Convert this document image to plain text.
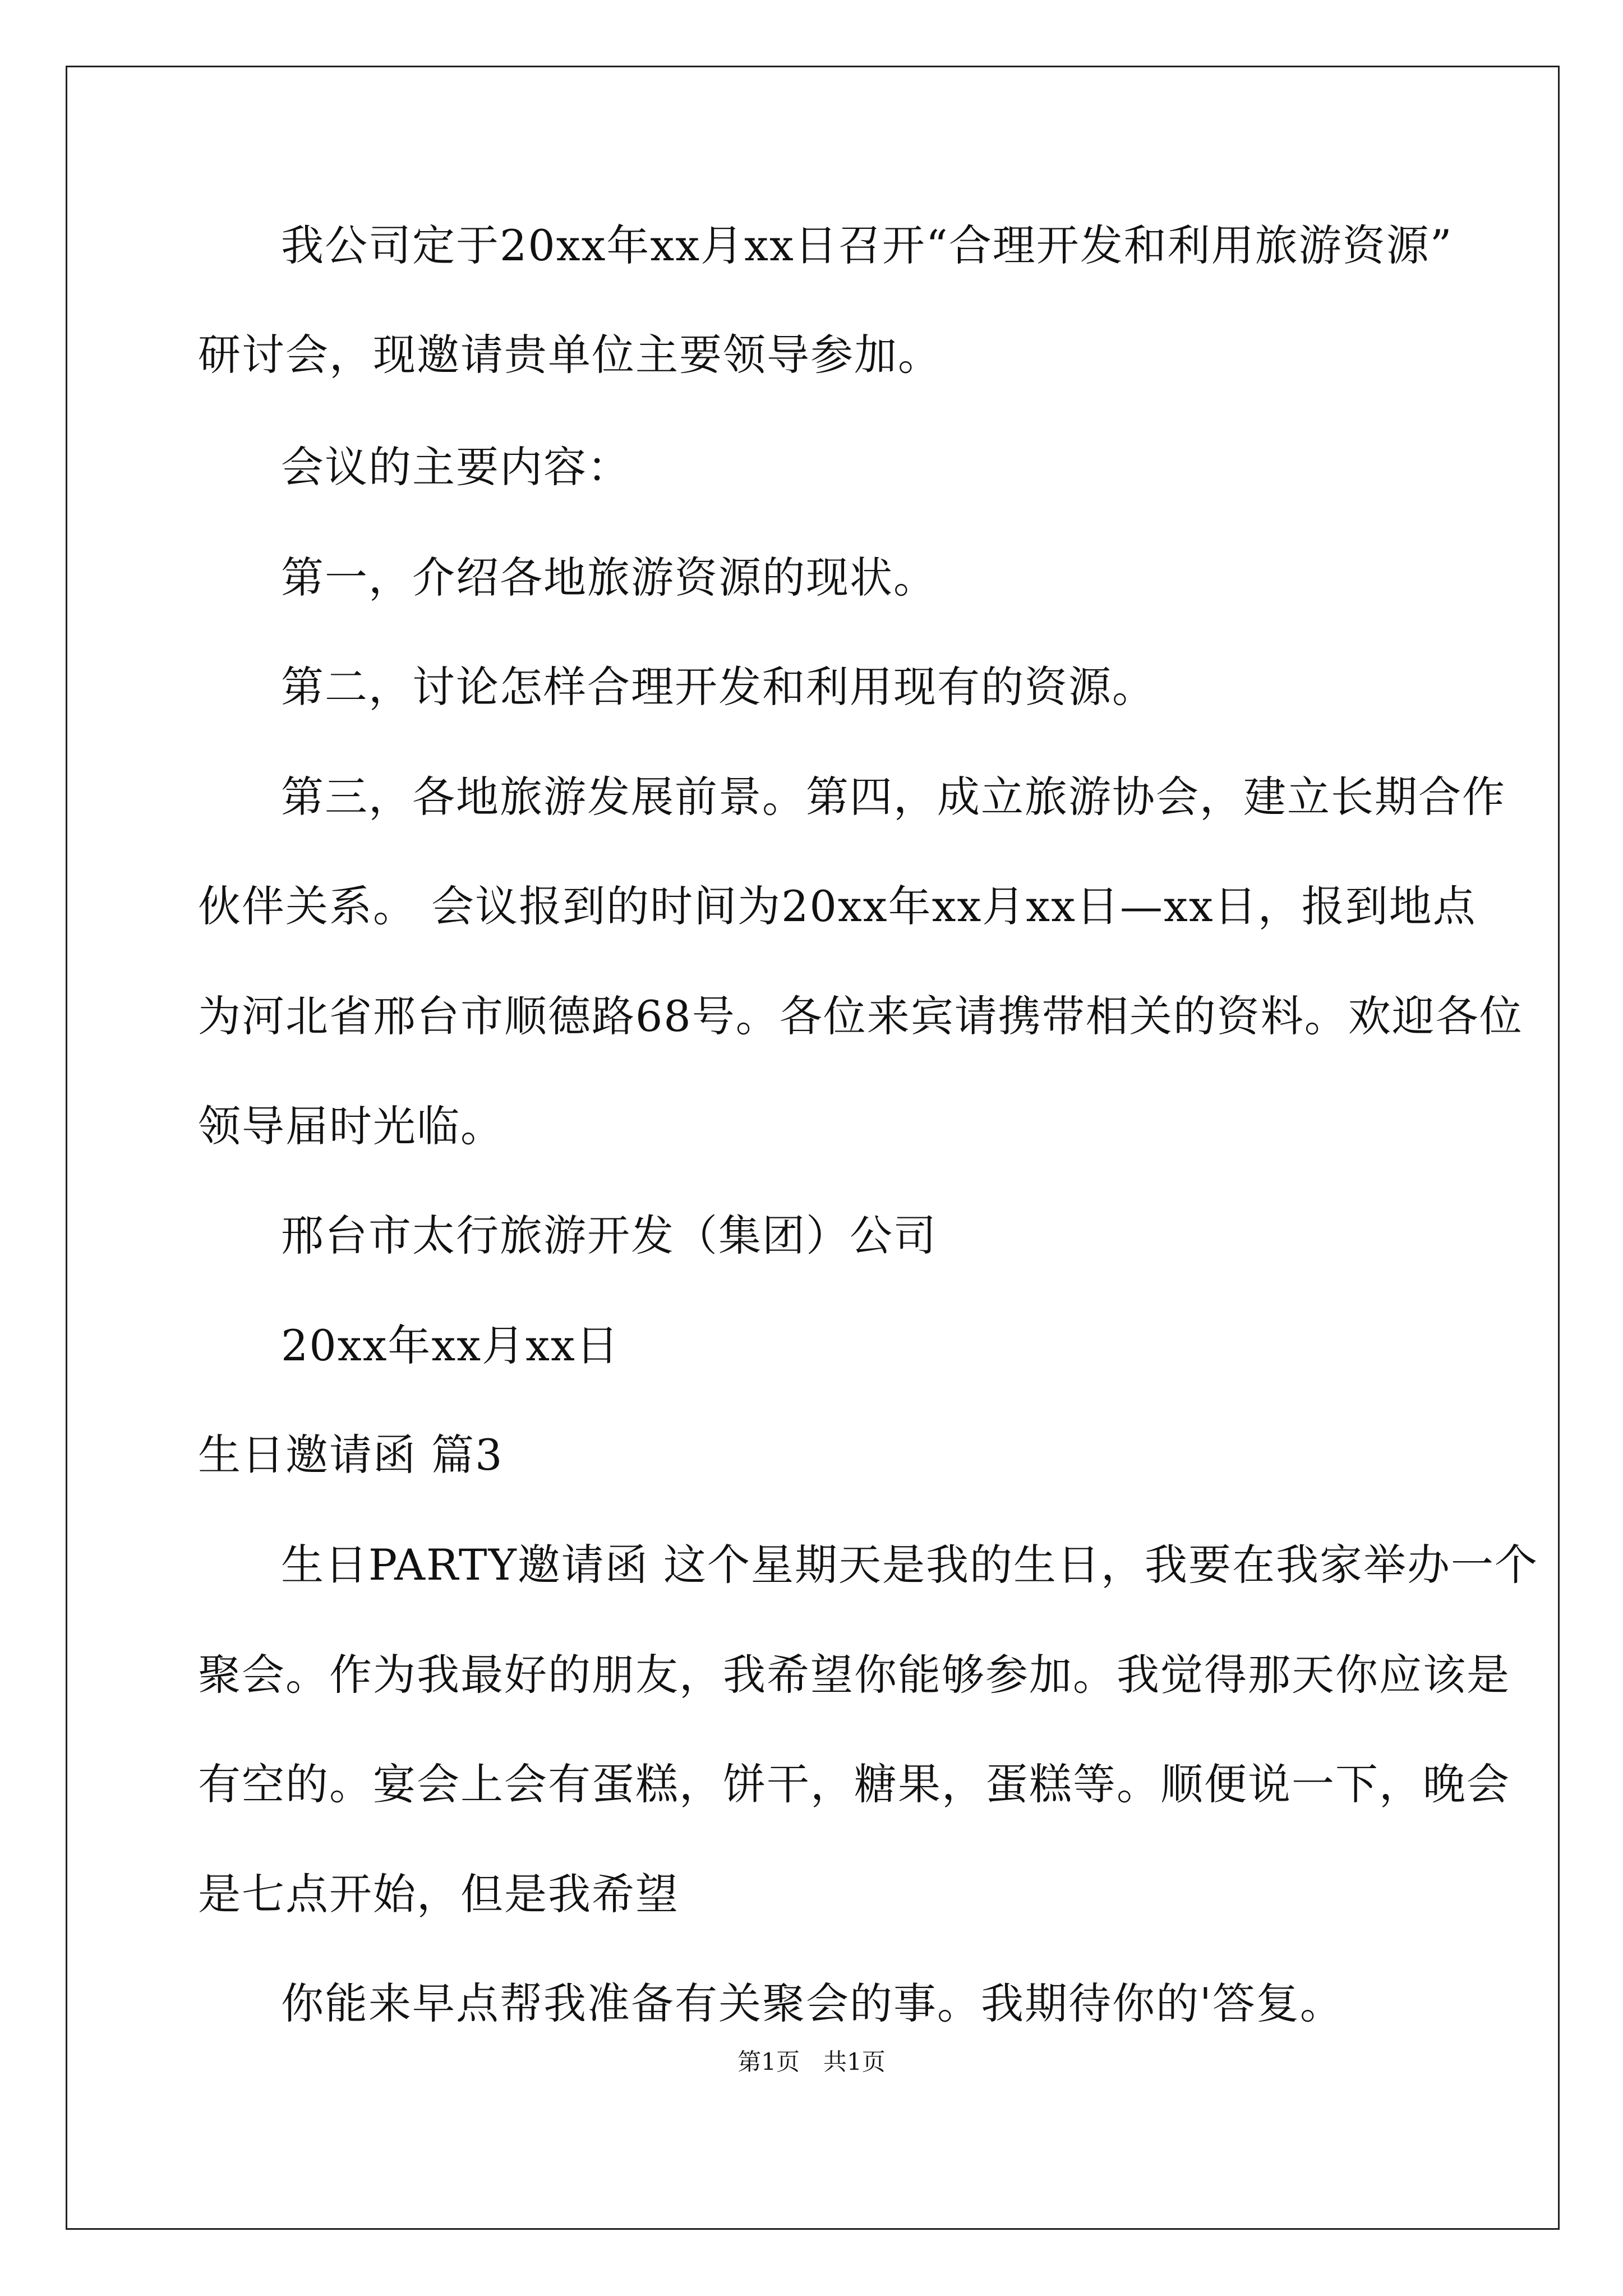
我公司定于20xx年xx月xx日召开“合理开发和利用旅游资源”
研讨会，现邀请贵单位主要领导参加。
会议的主要内容：
第一，介绍各地旅游资源的现状。
第二，讨论怎样合理开发和利用现有的资源。
第三，各地旅游发展前景。第四，成立旅游协会，建立长期合作
伙伴关系。 会议报到的时间为20xx年xx月xx日—xx日，报到地点
为河北省邢台市顺德路68号。各位来宾请携带相关的资料。欢迎各位
领导届时光临。
邢台市太行旅游开发（集团）公司
20xx年xx月xx日
生日邀请函 篇3
生日PARTY邀请函 这个星期天是我的生日，我要在我家举办一个
聚会。作为我最好的朋友，我希望你能够参加。我觉得那天你应该是
有空的。宴会上会有蛋糕，饼干，糖果，蛋糕等。顺便说一下，晚会
是七点开始，但是我希望
你能来早点帮我准备有关聚会的事。我期待你的'答复。
第1页　共1页
